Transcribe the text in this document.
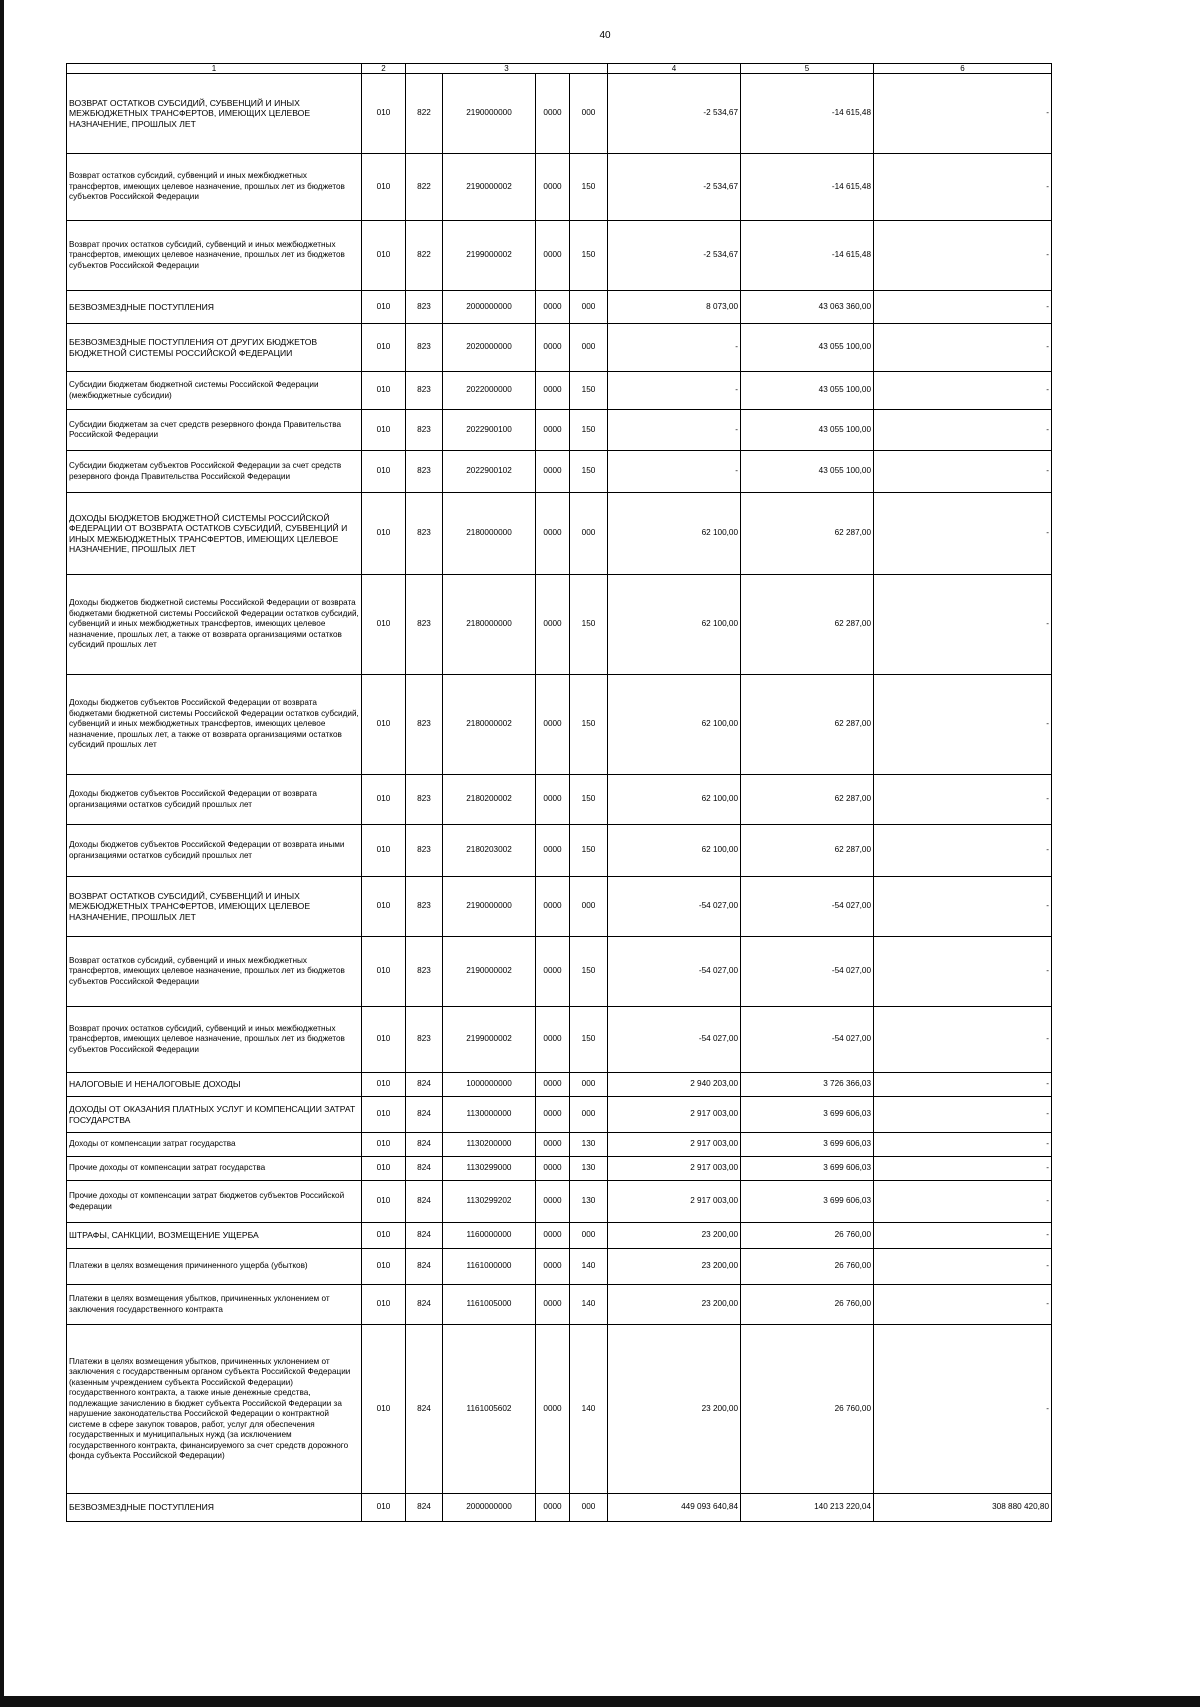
40
1	2	3				4	5	6
ВОЗВРАТ ОСТАТКОВ СУБСИДИЙ, СУБВЕНЦИЙ И ИНЫХ МЕЖБЮДЖЕТНЫХ ТРАНСФЕРТОВ, ИМЕЮЩИХ ЦЕЛЕВОЕ НАЗНАЧЕНИЕ, ПРОШЛЫХ ЛЕТ	010	822	2190000000	0000	000	-2 534,67	-14 615,48	-
Возврат остатков субсидий, субвенций и иных межбюджетных трансфертов, имеющих целевое назначение, прошлых лет из бюджетов субъектов Российской Федерации	010	822	2190000002	0000	150	-2 534,67	-14 615,48	-
Возврат прочих остатков субсидий, субвенций и иных межбюджетных трансфертов, имеющих целевое назначение, прошлых лет из бюджетов субъектов Российской Федерации	010	822	2199000002	0000	150	-2 534,67	-14 615,48	-
БЕЗВОЗМЕЗДНЫЕ ПОСТУПЛЕНИЯ	010	823	2000000000	0000	000	8 073,00	43 063 360,00	-
БЕЗВОЗМЕЗДНЫЕ ПОСТУПЛЕНИЯ ОТ ДРУГИХ БЮДЖЕТОВ БЮДЖЕТНОЙ СИСТЕМЫ РОССИЙСКОЙ ФЕДЕРАЦИИ	010	823	2020000000	0000	000	-	43 055 100,00	-
Субсидии бюджетам бюджетной системы Российской Федерации (межбюджетные субсидии)	010	823	2022000000	0000	150	-	43 055 100,00	-
Субсидии бюджетам за счет средств резервного фонда Правительства Российской Федерации	010	823	2022900100	0000	150	-	43 055 100,00	-
Субсидии бюджетам субъектов Российской Федерации за счет средств резервного фонда Правительства Российской Федерации	010	823	2022900102	0000	150	-	43 055 100,00	-
ДОХОДЫ БЮДЖЕТОВ БЮДЖЕТНОЙ СИСТЕМЫ РОССИЙСКОЙ ФЕДЕРАЦИИ ОТ ВОЗВРАТА ОСТАТКОВ СУБСИДИЙ, СУБВЕНЦИЙ И ИНЫХ МЕЖБЮДЖЕТНЫХ ТРАНСФЕРТОВ, ИМЕЮЩИХ ЦЕЛЕВОЕ НАЗНАЧЕНИЕ, ПРОШЛЫХ ЛЕТ	010	823	2180000000	0000	000	62 100,00	62 287,00	-
Доходы бюджетов бюджетной системы Российской Федерации от возврата бюджетами бюджетной системы Российской Федерации остатков субсидий, субвенций и иных межбюджетных трансфертов, имеющих целевое назначение, прошлых лет, а также от возврата организациями остатков субсидий прошлых лет	010	823	2180000000	0000	150	62 100,00	62 287,00	-
Доходы бюджетов субъектов Российской Федерации от возврата бюджетами бюджетной системы Российской Федерации остатков субсидий, субвенций и иных межбюджетных трансфертов, имеющих целевое назначение, прошлых лет, а также от возврата организациями остатков субсидий прошлых лет	010	823	2180000002	0000	150	62 100,00	62 287,00	-
Доходы бюджетов субъектов Российской Федерации от возврата организациями остатков субсидий прошлых лет	010	823	2180200002	0000	150	62 100,00	62 287,00	-
Доходы бюджетов субъектов Российской Федерации от возврата иными организациями остатков субсидий прошлых лет	010	823	2180203002	0000	150	62 100,00	62 287,00	-
ВОЗВРАТ ОСТАТКОВ СУБСИДИЙ, СУБВЕНЦИЙ И ИНЫХ МЕЖБЮДЖЕТНЫХ ТРАНСФЕРТОВ, ИМЕЮЩИХ ЦЕЛЕВОЕ НАЗНАЧЕНИЕ, ПРОШЛЫХ ЛЕТ	010	823	2190000000	0000	000	-54 027,00	-54 027,00	-
Возврат остатков субсидий, субвенций и иных межбюджетных трансфертов, имеющих целевое назначение, прошлых лет из бюджетов субъектов Российской Федерации	010	823	2190000002	0000	150	-54 027,00	-54 027,00	-
Возврат прочих остатков субсидий, субвенций и иных межбюджетных трансфертов, имеющих целевое назначение, прошлых лет из бюджетов субъектов Российской Федерации	010	823	2199000002	0000	150	-54 027,00	-54 027,00	-
НАЛОГОВЫЕ И НЕНАЛОГОВЫЕ ДОХОДЫ	010	824	1000000000	0000	000	2 940 203,00	3 726 366,03	-
ДОХОДЫ ОТ ОКАЗАНИЯ ПЛАТНЫХ УСЛУГ И КОМПЕНСАЦИИ ЗАТРАТ ГОСУДАРСТВА	010	824	1130000000	0000	000	2 917 003,00	3 699 606,03	-
Доходы от компенсации затрат государства	010	824	1130200000	0000	130	2 917 003,00	3 699 606,03	-
Прочие доходы от компенсации затрат государства	010	824	1130299000	0000	130	2 917 003,00	3 699 606,03	-
Прочие доходы от компенсации затрат бюджетов субъектов Российской Федерации	010	824	1130299202	0000	130	2 917 003,00	3 699 606,03	-
ШТРАФЫ, САНКЦИИ, ВОЗМЕЩЕНИЕ УЩЕРБА	010	824	1160000000	0000	000	23 200,00	26 760,00	-
Платежи в целях возмещения причиненного ущерба (убытков)	010	824	1161000000	0000	140	23 200,00	26 760,00	-
Платежи в целях возмещения убытков, причиненных уклонением от заключения государственного контракта	010	824	1161005000	0000	140	23 200,00	26 760,00	-
Платежи в целях возмещения убытков, причиненных уклонением от заключения с государственным органом субъекта Российской Федерации (казенным учреждением субъекта Российской Федерации) государственного контракта, а также иные денежные средства, подлежащие зачислению в бюджет субъекта Российской Федерации за нарушение законодательства Российской Федерации о контрактной системе в сфере закупок товаров, работ, услуг для обеспечения государственных и муниципальных нужд (за исключением государственного контракта, финансируемого за счет средств дорожного фонда субъекта Российской Федерации)	010	824	1161005602	0000	140	23 200,00	26 760,00	-
БЕЗВОЗМЕЗДНЫЕ ПОСТУПЛЕНИЯ	010	824	2000000000	0000	000	449 093 640,84	140 213 220,04	308 880 420,80
